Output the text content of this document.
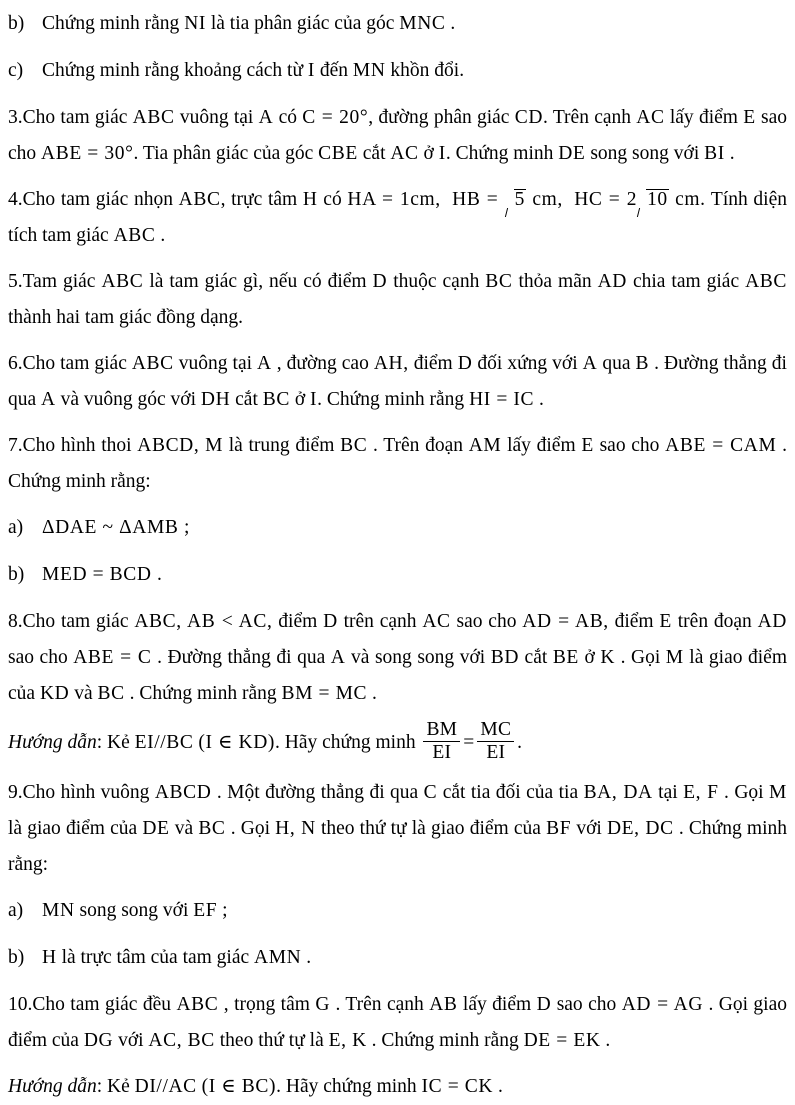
b) Chứng minh rằng NI là tia phân giác của góc MNC .
c) Chứng minh rằng khoảng cách từ I đến MN khồn đổi.
3.Cho tam giác ABC vuông tại A có C = 20°, đường phân giác CD. Trên cạnh AC lấy điểm E sao cho ABE = 30°. Tia phân giác của góc CBE cắt AC ở I. Chứng minh DE song song với BI .
4.Cho tam giác nhọn ABC, trực tâm H có HA = 1cm, HB = 5 cm, HC = 2 10 cm. Tính diện tích tam giác ABC .
5.Tam giác ABC là tam giác gì, nếu có điểm D thuộc cạnh BC thỏa mãn AD chia tam giác ABC thành hai tam giác đồng dạng.
6.Cho tam giác ABC vuông tại A , đường cao AH, điểm D đối xứng với A qua B . Đường thẳng đi qua A và vuông góc với DH cắt BC ở I. Chứng minh rằng HI = IC .
7.Cho hình thoi ABCD, M là trung điểm BC . Trên đoạn AM lấy điểm E sao cho ABE = CAM . Chứng minh rằng:
a) ΔDAE ~ ΔAMB ;
b) MED = BCD .
8.Cho tam giác ABC, AB < AC, điểm D trên cạnh AC sao cho AD = AB, điểm E trên đoạn AD sao cho ABE = C . Đường thẳng đi qua A và song song với BD cắt BE ở K . Gọi M là giao điểm của KD và BC . Chứng minh rằng BM = MC .
Hướng dẫn: Kẻ EI//BC (I ∈ KD). Hãy chứng minh $\frac{BM}{EI} = \frac{MC}{EI}$ .
9.Cho hình vuông ABCD . Một đường thẳng đi qua C cắt tia đối của tia BA, DA tại E, F . Gọi M là giao điểm của DE và BC . Gọi H, N theo thứ tự là giao điểm của BF với DE, DC . Chứng minh rằng:
a) MN song song với EF ;
b) H là trực tâm của tam giác AMN .
10.Cho tam giác đều ABC , trọng tâm G . Trên cạnh AB lấy điểm D sao cho AD = AG . Gọi giao điểm của DG với AC, BC theo thứ tự là E, K . Chứng minh rằng DE = EK .
Hướng dẫn: Kẻ DI//AC (I ∈ BC). Hãy chứng minh IC = CK .
